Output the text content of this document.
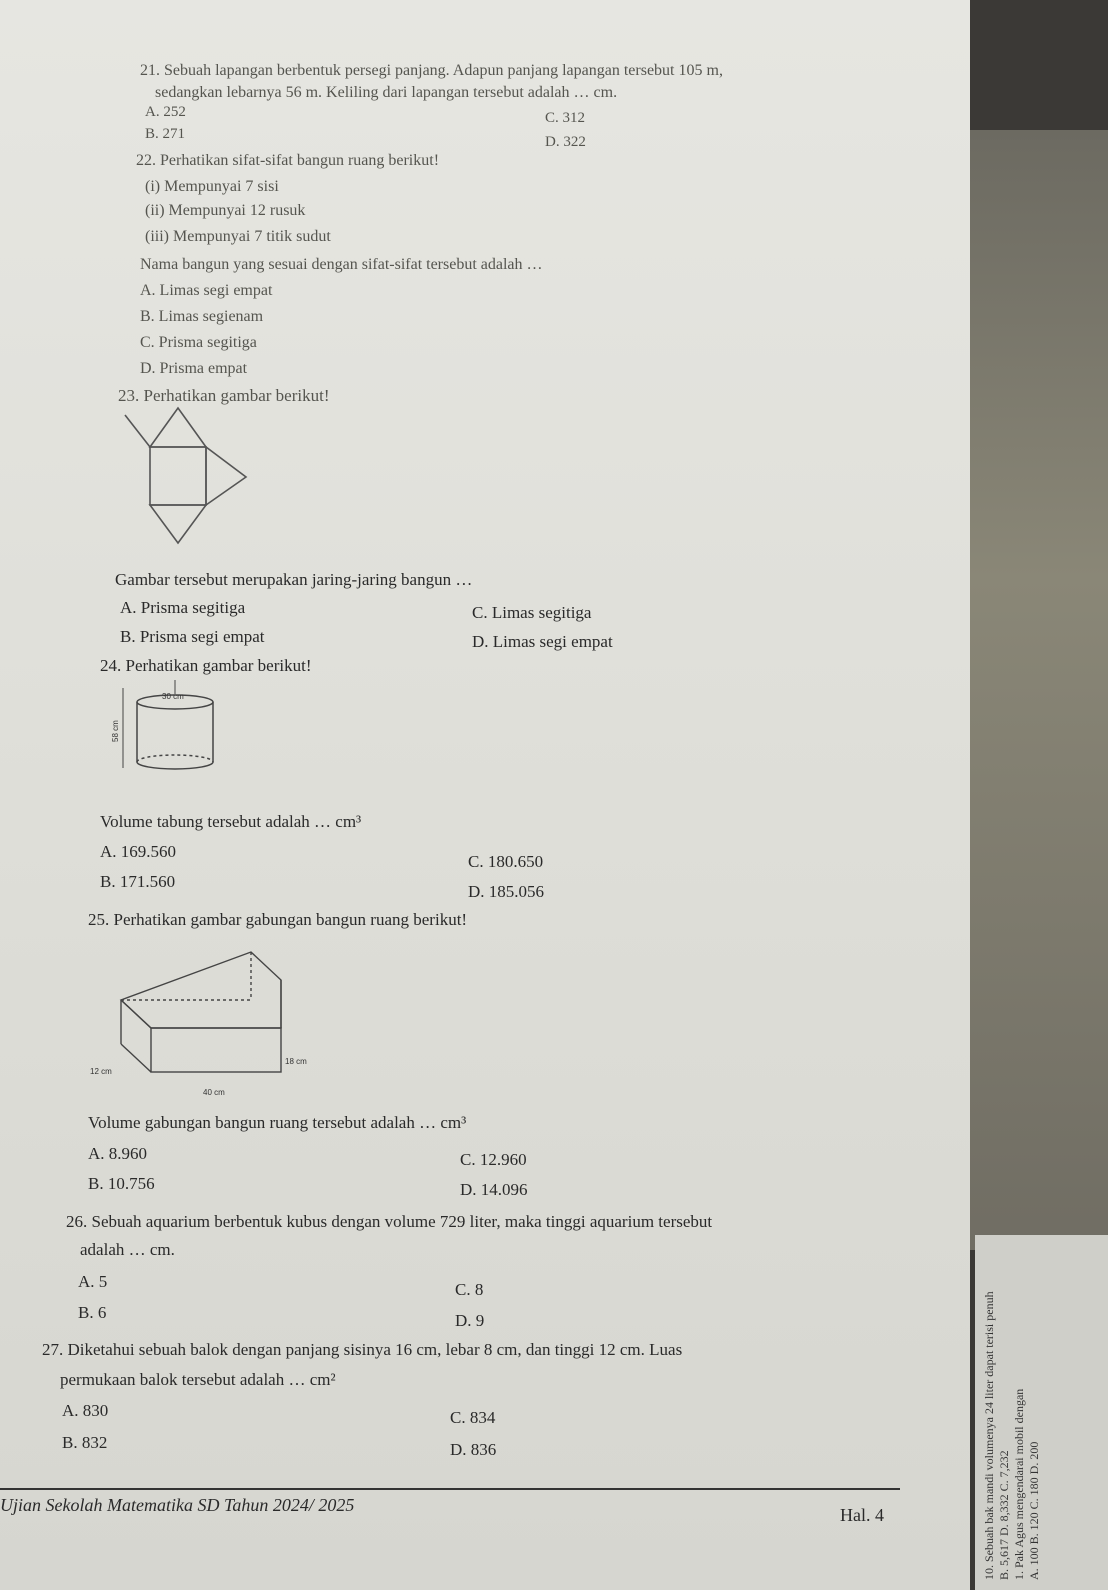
21. Sebuah lapangan berbentuk persegi panjang. Adapun panjang lapangan tersebut 105 m,
sedangkan lebarnya 56 m. Keliling dari lapangan tersebut adalah … cm.
A. 252
B. 271
C. 312
D. 322
22. Perhatikan sifat-sifat bangun ruang berikut!
(i) Mempunyai 7 sisi
(ii) Mempunyai 12 rusuk
(iii) Mempunyai 7 titik sudut
Nama bangun yang sesuai dengan sifat-sifat tersebut adalah …
A. Limas segi empat
B. Limas segienam
C. Prisma segitiga
D. Prisma empat
23. Perhatikan gambar berikut!
Gambar tersebut merupakan jaring-jaring bangun …
A. Prisma segitiga
B. Prisma segi empat
C. Limas segitiga
D. Limas segi empat
24. Perhatikan gambar berikut!
30 cm
58 cm
Volume tabung tersebut adalah … cm³
A. 169.560
B. 171.560
C. 180.650
D. 185.056
25. Perhatikan gambar gabungan bangun ruang berikut!
12 cm
18 cm
40 cm
Volume gabungan bangun ruang tersebut adalah … cm³
A. 8.960
B. 10.756
C. 12.960
D. 14.096
26. Sebuah aquarium berbentuk kubus dengan volume 729 liter, maka tinggi aquarium tersebut
adalah … cm.
A. 5
B. 6
C. 8
D. 9
27. Diketahui sebuah balok dengan panjang sisinya 16 cm, lebar 8 cm, dan tinggi 12 cm. Luas
permukaan balok tersebut adalah … cm²
A. 830
B. 832
C. 834
D. 836
Ujian Sekolah Matematika SD Tahun 2024/ 2025	Hal. 4	10. Sebuah bak mandi volumenya 24 liter dapat terisi penuh B. 5,617 D. 8,332 C. 7,232 1. Pak Agus mengendarai mobil dengan A. 100 B. 120 C. 180 D. 200
